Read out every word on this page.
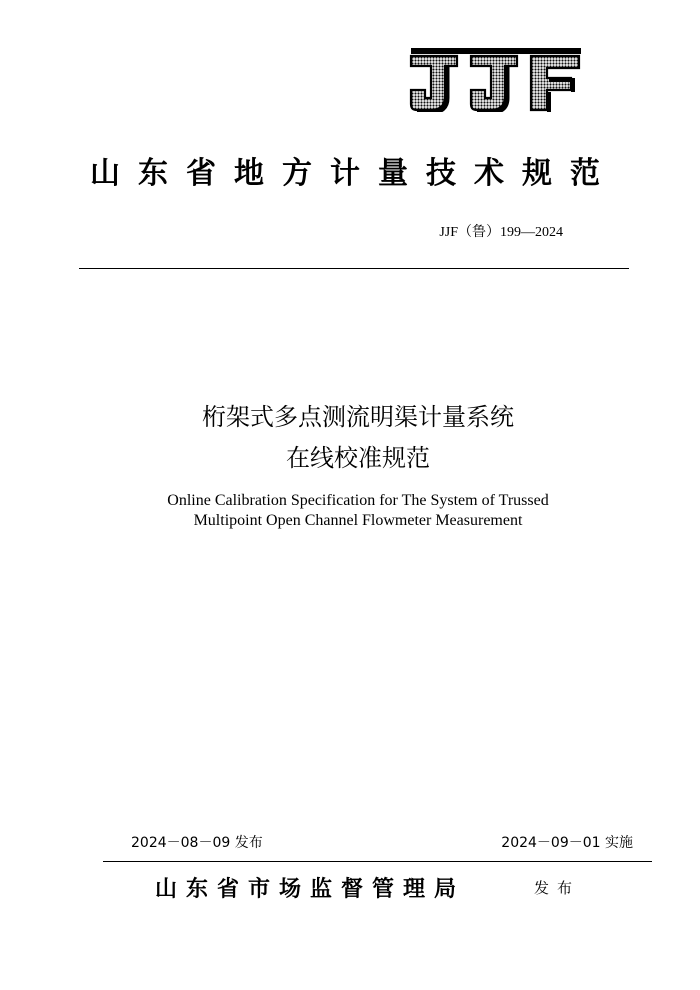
山东省地方计量技术规范
JJF（鲁）199—2024
桁架式多点测流明渠计量系统
在线校准规范
Online Calibration Specification for The System of Trussed
Multipoint Open Channel Flowmeter Measurement
2024－08－09 发布	2024－09－01 实施
山东省市场监督管理局	发布
